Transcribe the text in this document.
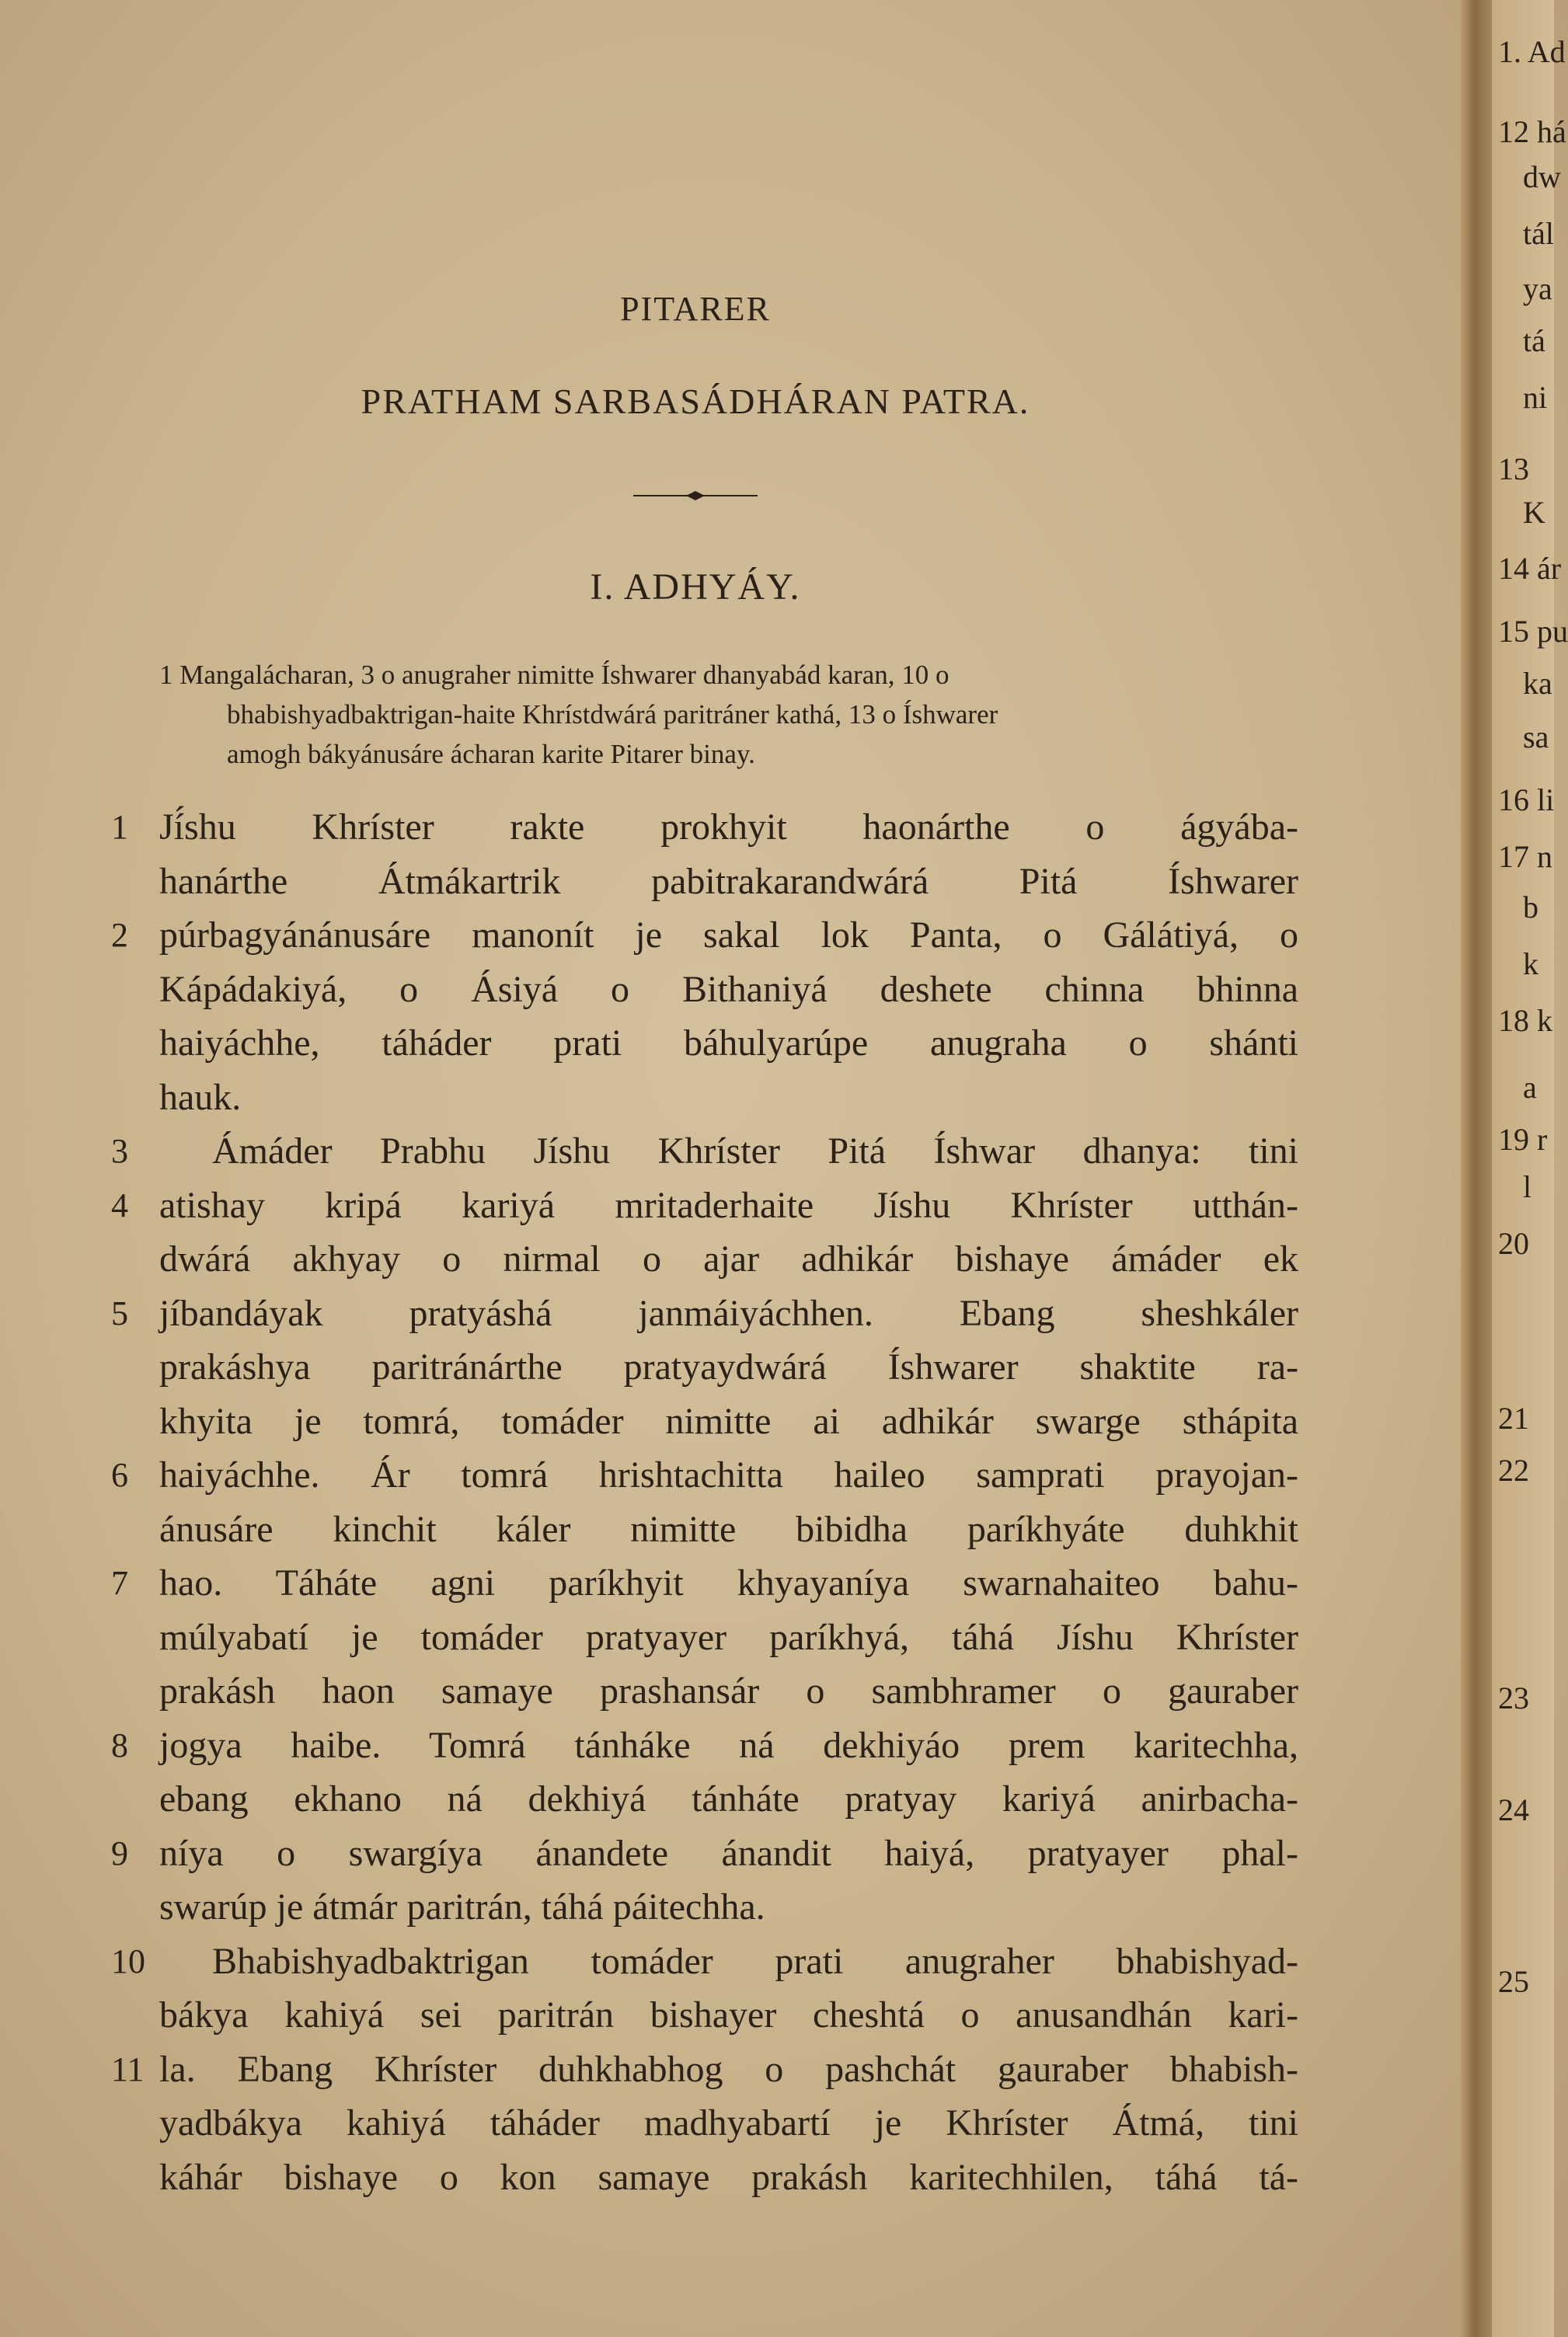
PITARER
PRATHAM SARBASÁDHÁRAN PATRA.
I. ADHYÁY.
1 Mangalácharan, 3 o anugraher nimitte Íshwarer dhanyabád karan, 10 o
bhabishyadbaktrigan-haite Khrístdwárá paritráner kathá, 13 o Íshwarer
amogh bákyánusáre ácharan karite Pitarer binay.
1 Jí́shu Khríster rakte prokhyit haonárthe o ágyába-
hanárthe Átmákartrik pabitrakarandwárá Pitá Íshwarer
2 púrbagyánánusáre manonít je sakal lok Panta, o Gálátiyá, o
Kápádakiyá, o Ásiyá o Bithaniyá deshete chinna bhinna
haiyáchhe, táháder prati báhulyarúpe anugraha o shánti
hauk.
3	Ámáder Prabhu Jíshu Khríster Pitá Íshwar dhanya: tini
4 atishay kripá kariyá mritaderhaite Jíshu Khríster utthán-
dwárá akhyay o nirmal o ajar adhikár bishaye ámáder ek
5 jíbandáyak pratyáshá janmáiyáchhen. Ebang sheshkáler
prakáshya paritránárthe pratyaydwárá Íshwarer shaktite ra-
khyita je tomrá, tomáder nimitte ai adhikár swarge sthápita
6 haiyáchhe. Ár tomrá hrishtachitta haileo samprati prayojan-
ánusáre kinchit káler nimitte bibidha paríkhyáte duhkhit
7 hao. Táháte agni paríkhyit khyayaníya swarnahaiteo bahu-
múlyabatí je tomáder pratyayer paríkhyá, táhá Jíshu Khríster
prakásh haon samaye prashansár o sambhramer o gauraber
8 jogya haibe. Tomrá tánháke ná dekhiyáo prem karitechha,
ebang ekhano ná dekhiyá tánháte pratyay kariyá anirbacha-
9 níya o swargíya ánandete ánandit haiyá, pratyayer phal-
swarúp je átmár paritrán, táhá páitechha.
10	Bhabishyadbaktrigan tomáder prati anugraher bhabishyad-
bákya kahiyá sei paritrán bishayer cheshtá o anusandhán kari-
11 la. Ebang Khríster duhkhabhog o pashchát gauraber bhabish-
yadbákya kahiyá táháder madhyabartí je Khríster Átmá, tini
káhár bishaye o kon samaye prakásh karitechhilen, táhá tá-
1. Ad
12 há
dw
tál
ya
tá
ni
13
K
14 ár
15 pu
ka
sa
16 li
17 n
b
k
18 k
a
19 r
l
20
21
22
23
24
25
